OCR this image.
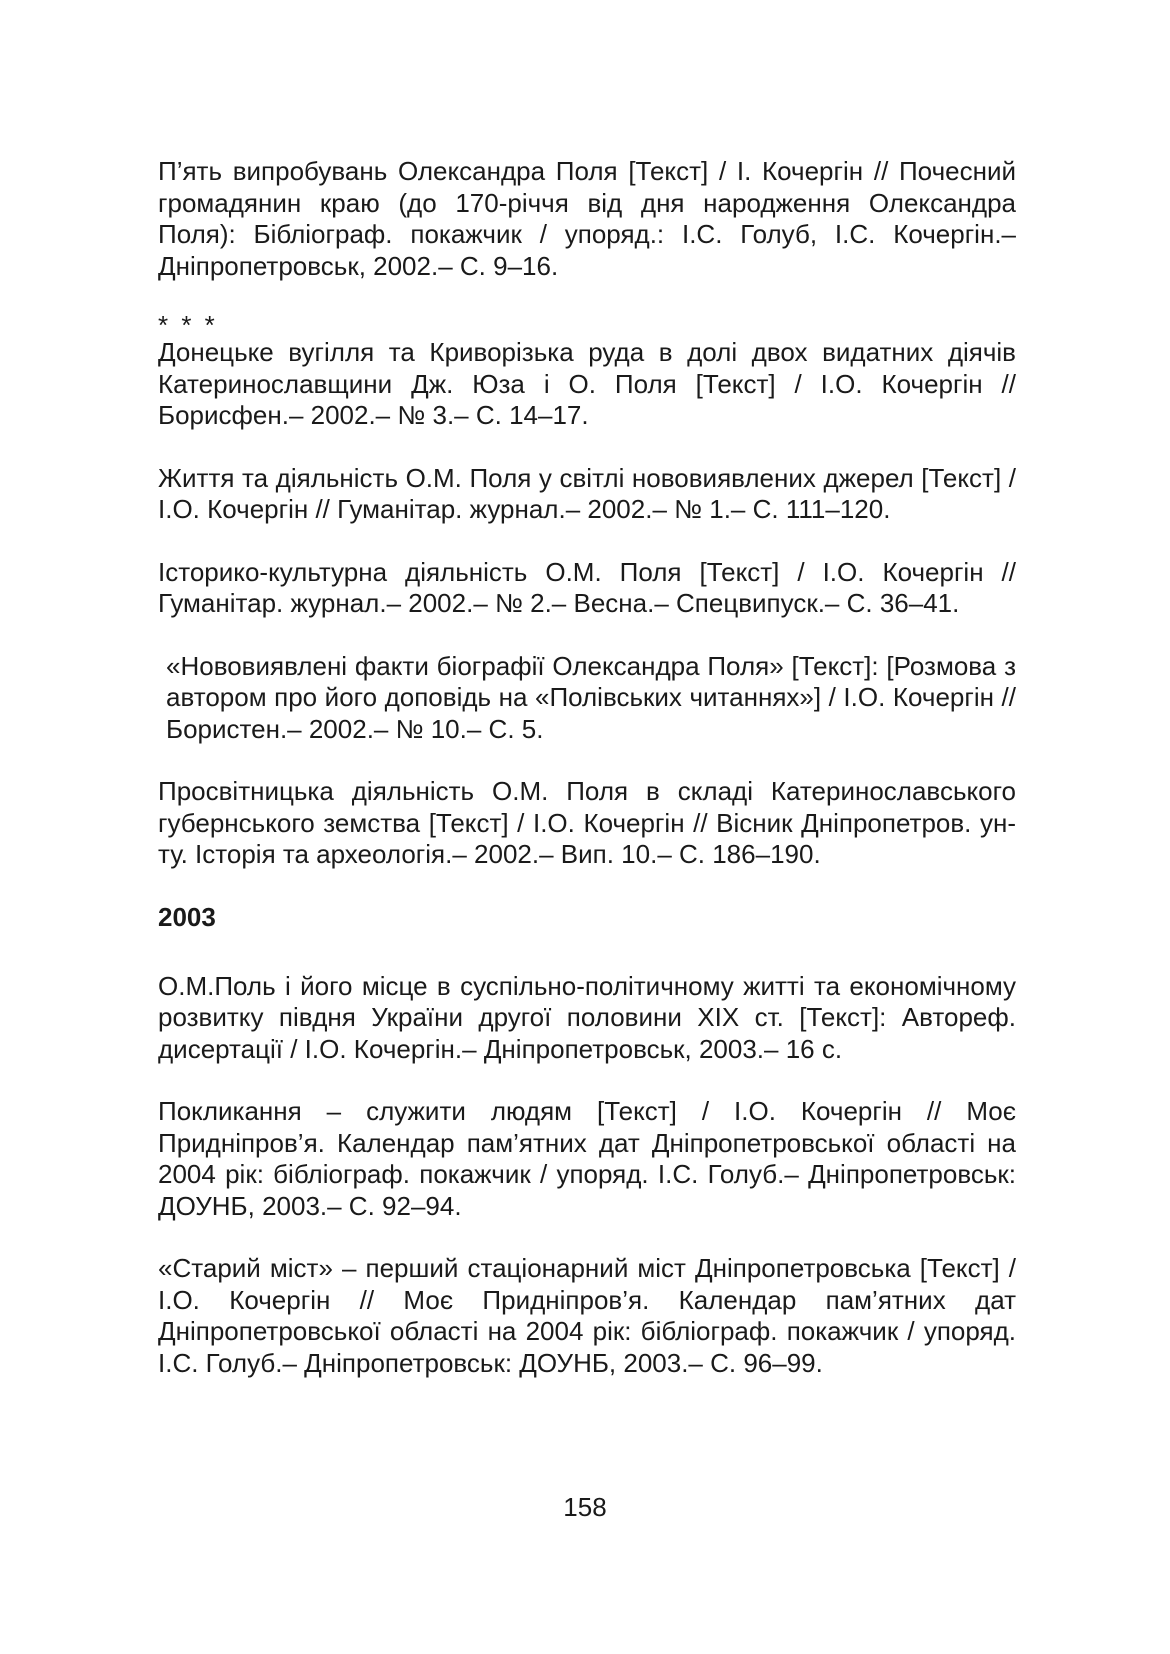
П’ять випробувань Олександра Поля [Текст] / І. Кочергін // Почесний громадянин краю (до 170-річчя від дня народження Олександра Поля): Бібліограф. покажчик / упоряд.: І.С. Голуб, І.С. Кочергін.– Дніпропетровськ, 2002.– С. 9–16.

* * *

Донецьке вугілля та Криворізька руда в долі двох видатних діячів Катеринославщини Дж. Юза і О. Поля [Текст] / І.О. Кочергін // Борисфен.– 2002.– № 3.– С. 14–17.

Життя та діяльність О.М. Поля у світлі нововиявлених джерел [Текст] / І.О. Кочергін // Гуманітар. журнал.– 2002.– № 1.– С. 111–120.

Історико-культурна діяльність О.М. Поля [Текст] / І.О. Кочергін // Гуманітар. журнал.– 2002.– № 2.– Весна.– Спецвипуск.– С. 36–41.

«Нововиявлені факти біографії Олександра Поля» [Текст]: [Розмова з автором про його доповідь на «Полівських читаннях»] / І.О. Кочергін // Бористен.– 2002.– № 10.– С. 5.

Просвітницька діяльність О.М. Поля в складі Катеринославського губернського земства [Текст] / І.О. Кочергін // Вісник Дніпропетров. ун-ту. Історія та археологія.– 2002.– Вип. 10.– С. 186–190.

2003

О.М.Поль і його місце в суспільно-політичному житті та економічному розвитку півдня України другої половини ХІХ ст. [Текст]: Автореф. дисертації / І.О. Кочергін.– Дніпропетровськ, 2003.– 16 с.

Покликання – служити людям [Текст] / І.О. Кочергін // Моє Придніпров’я. Календар пам’ятних дат Дніпропетровської області на 2004 рік: бібліограф. покажчик / упоряд. І.С. Голуб.– Дніпропетровськ: ДОУНБ, 2003.– С. 92–94.

«Старий міст» – перший стаціонарний міст Дніпропетровська [Текст] / І.О. Кочергін // Моє Придніпров’я. Календар пам’ятних дат Дніпропетровської області на 2004 рік: бібліограф. покажчик / упоряд. І.С. Голуб.– Дніпропетровськ: ДОУНБ, 2003.– С. 96–99.

158
